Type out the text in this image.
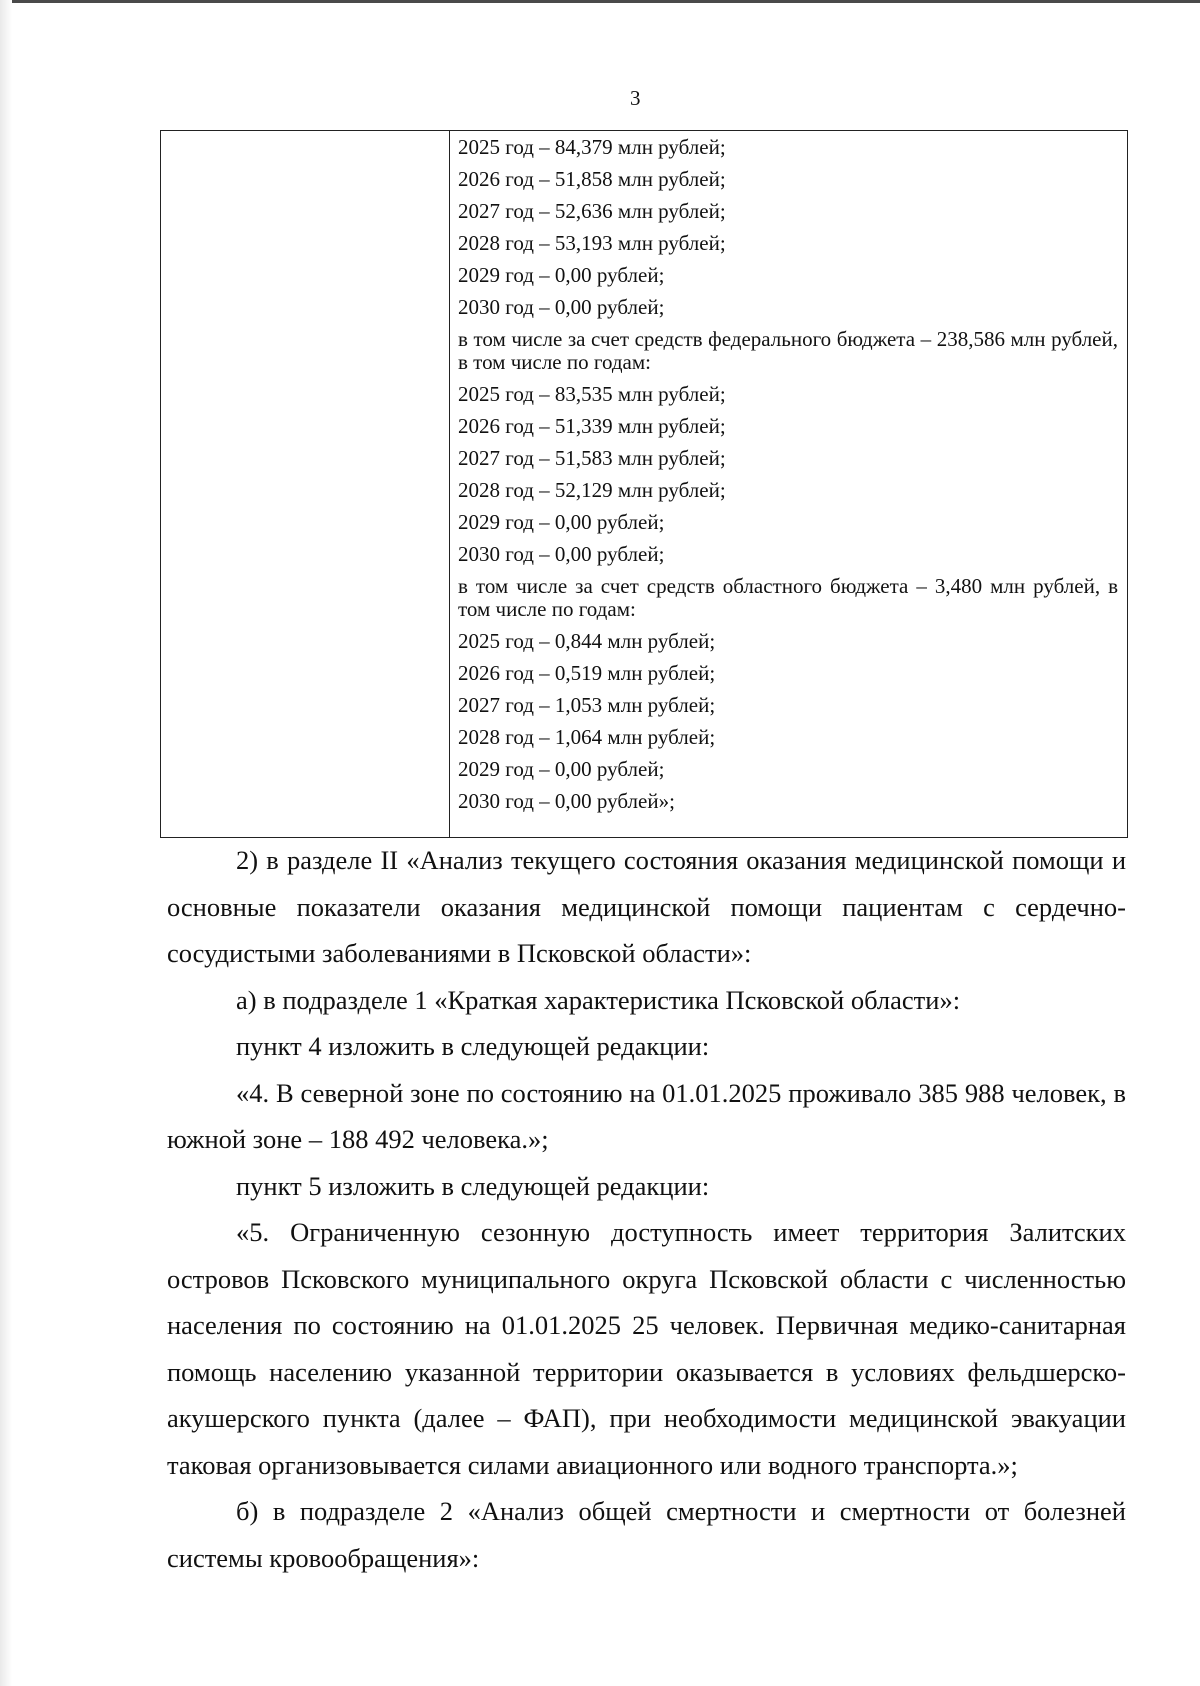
3
2025 год – 84,379 млн рублей;
2026 год – 51,858 млн рублей;
2027 год – 52,636 млн рублей;
2028 год – 53,193 млн рублей;
2029 год – 0,00 рублей;
2030 год – 0,00 рублей;
в том числе за счет средств федерального бюджета – 238,586 млн рублей, в том числе по годам:
2025 год – 83,535 млн рублей;
2026 год – 51,339 млн рублей;
2027 год – 51,583 млн рублей;
2028 год – 52,129 млн рублей;
2029 год – 0,00 рублей;
2030 год – 0,00 рублей;
в том числе за счет средств областного бюджета – 3,480 млн рублей, в том числе по годам:
2025 год – 0,844 млн рублей;
2026 год – 0,519 млн рублей;
2027 год – 1,053 млн рублей;
2028 год – 1,064 млн рублей;
2029 год – 0,00 рублей;
2030 год – 0,00 рублей»;

2) в разделе II «Анализ текущего состояния оказания медицинской помощи и основные показатели оказания медицинской помощи пациентам с сердечно-сосудистыми заболеваниями в Псковской области»:

а) в подразделе 1 «Краткая характеристика Псковской области»:

пункт 4 изложить в следующей редакции:

«4. В северной зоне по состоянию на 01.01.2025 проживало 385 988 человек, в южной зоне – 188 492 человека.»;

пункт 5 изложить в следующей редакции:

«5. Ограниченную сезонную доступность имеет территория Залитских островов Псковского муниципального округа Псковской области с численностью населения по состоянию на 01.01.2025 25 человек. Первичная медико-санитарная помощь населению указанной территории оказывается в условиях фельдшерско-акушерского пункта (далее – ФАП), при необходимости медицинской эвакуации таковая организовывается силами авиационного или водного транспорта.»;

б) в подразделе 2 «Анализ общей смертности и смертности от болезней системы кровообращения»:
